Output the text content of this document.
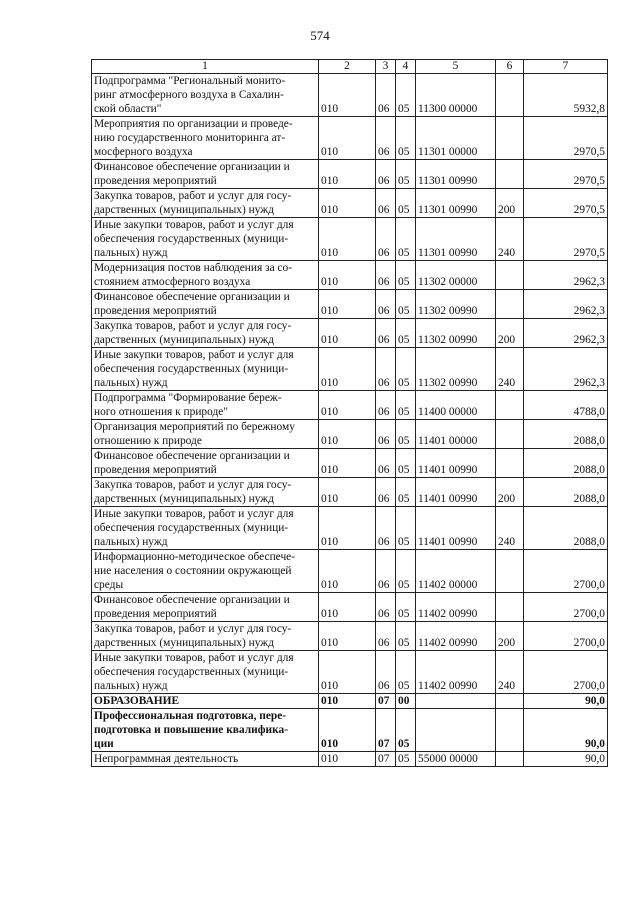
574
1	2	3	4	5	6	7

Подпрограмма "Региональный монито-
ринг атмосферного воздуха в Сахалин-
ской области"	010	06	05	11300 00000		5932,8

Мероприятия по организации и проведе-
нию государственного мониторинга ат-
мосферного воздуха	010	06	05	11301 00000		2970,5

Финансовое обеспечение организации и
проведения мероприятий	010	06	05	11301 00990		2970,5

Закупка товаров, работ и услуг для госу-
дарственных (муниципальных) нужд	010	06	05	11301 00990	200	2970,5

Иные закупки товаров, работ и услуг для
обеспечения государственных (муници-
пальных) нужд	010	06	05	11301 00990	240	2970,5

Модернизация постов наблюдения за со-
стоянием атмосферного воздуха	010	06	05	11302 00000		2962,3

Финансовое обеспечение организации и
проведения мероприятий	010	06	05	11302 00990		2962,3

Закупка товаров, работ и услуг для госу-
дарственных (муниципальных) нужд	010	06	05	11302 00990	200	2962,3

Иные закупки товаров, работ и услуг для
обеспечения государственных (муници-
пальных) нужд	010	06	05	11302 00990	240	2962,3

Подпрограмма "Формирование береж-
ного отношения к природе"	010	06	05	11400 00000		4788,0

Организация мероприятий по бережному
отношению к природе	010	06	05	11401 00000		2088,0

Финансовое обеспечение организации и
проведения мероприятий	010	06	05	11401 00990		2088,0

Закупка товаров, работ и услуг для госу-
дарственных (муниципальных) нужд	010	06	05	11401 00990	200	2088,0

Иные закупки товаров, работ и услуг для
обеспечения государственных (муници-
пальных) нужд	010	06	05	11401 00990	240	2088,0

Информационно-методическое обеспече-
ние населения о состоянии окружающей
среды	010	06	05	11402 00000		2700,0

Финансовое обеспечение организации и
проведения мероприятий	010	06	05	11402 00990		2700,0

Закупка товаров, работ и услуг для госу-
дарственных (муниципальных) нужд	010	06	05	11402 00990	200	2700,0

Иные закупки товаров, работ и услуг для
обеспечения государственных (муници-
пальных) нужд	010	06	05	11402 00990	240	2700,0

ОБРАЗОВАНИЕ	010	07	00			90,0

Профессиональная подготовка, пере-
подготовка и повышение квалифика-
ции	010	07	05			90,0

Непрограммная деятельность	010	07	05	55000 00000		90,0
